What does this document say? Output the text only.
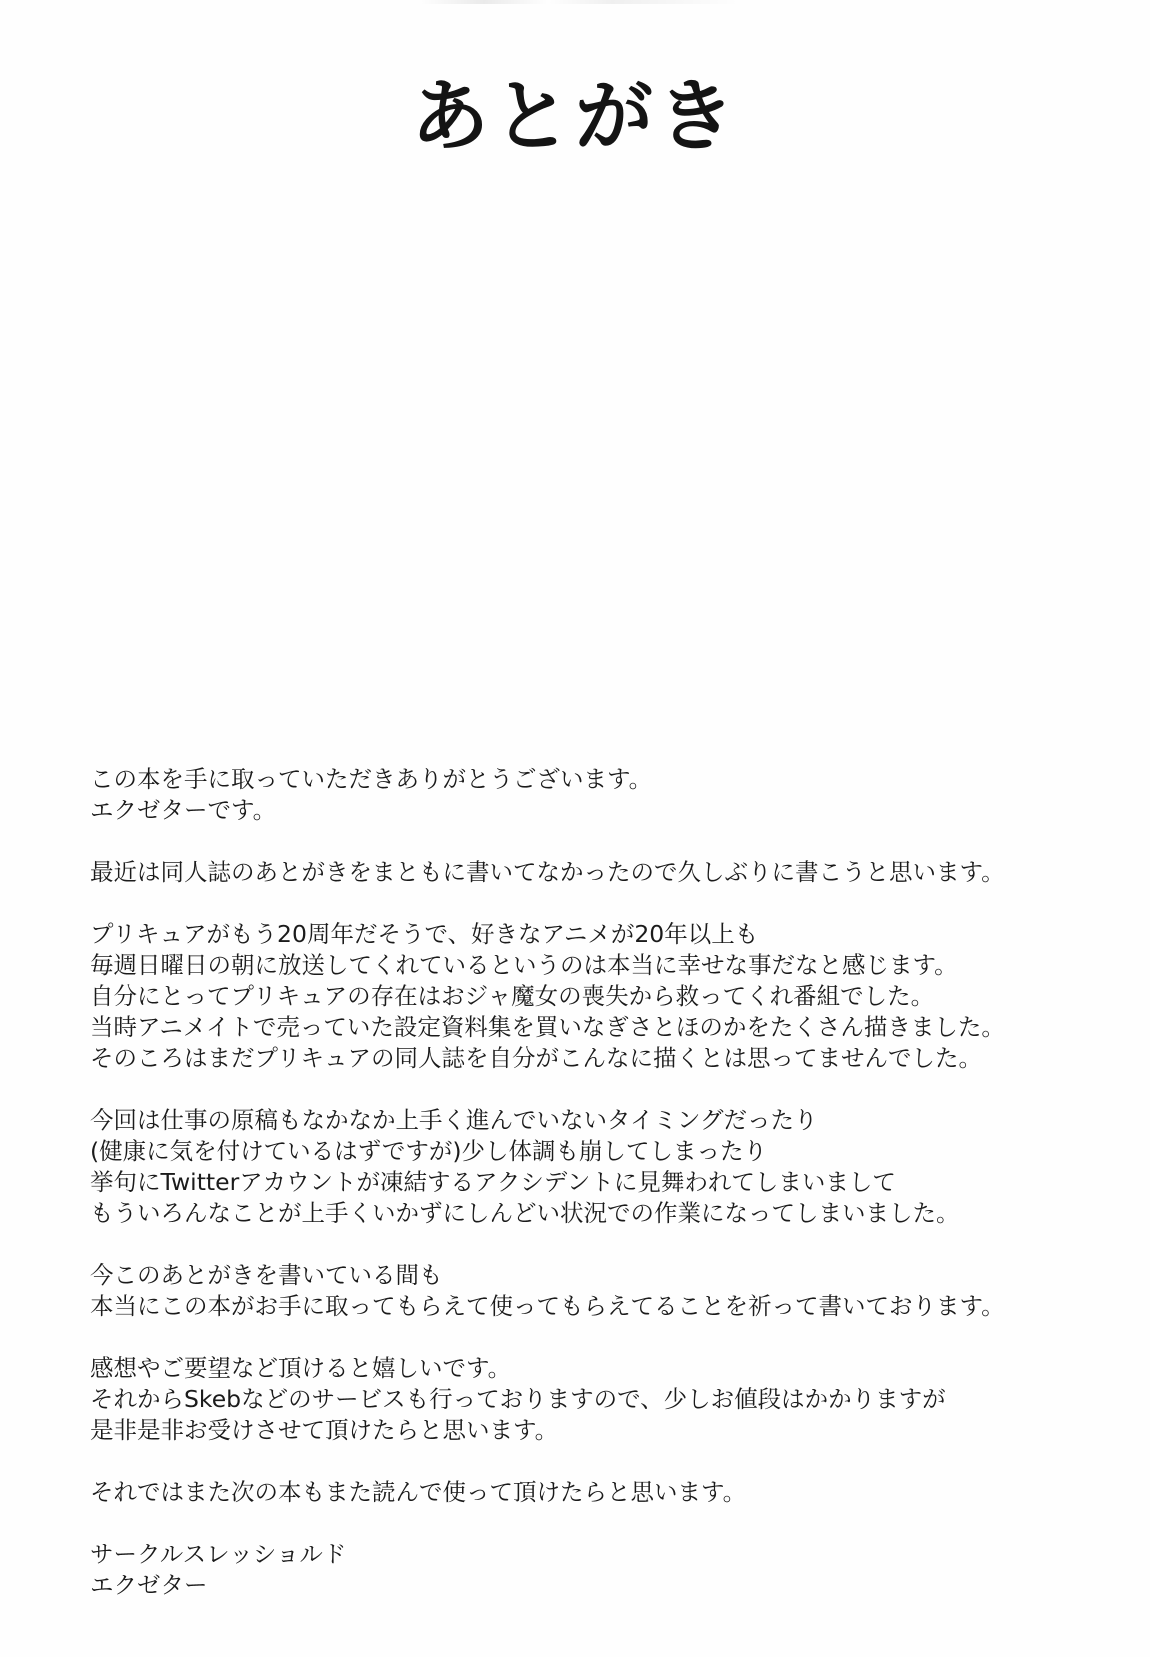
あとがき
この本を手に取っていただきありがとうございます。
エクゼターです。
最近は同人誌のあとがきをまともに書いてなかったので久しぶりに書こうと思います。
プリキュアがもう20周年だそうで、好きなアニメが20年以上も
毎週日曜日の朝に放送してくれているというのは本当に幸せな事だなと感じます。
自分にとってプリキュアの存在はおジャ魔女の喪失から救ってくれ番組でした。
当時アニメイトで売っていた設定資料集を買いなぎさとほのかをたくさん描きました。
そのころはまだプリキュアの同人誌を自分がこんなに描くとは思ってませんでした。
今回は仕事の原稿もなかなか上手く進んでいないタイミングだったり
(健康に気を付けているはずですが)少し体調も崩してしまったり
挙句にTwitterアカウントが凍結するアクシデントに見舞われてしまいまして
もういろんなことが上手くいかずにしんどい状況での作業になってしまいました。
今このあとがきを書いている間も
本当にこの本がお手に取ってもらえて使ってもらえてることを祈って書いております。
感想やご要望など頂けると嬉しいです。
それからSkebなどのサービスも行っておりますので、少しお値段はかかりますが
是非是非お受けさせて頂けたらと思います。
それではまた次の本もまた読んで使って頂けたらと思います。
サークルスレッショルド
エクゼター
